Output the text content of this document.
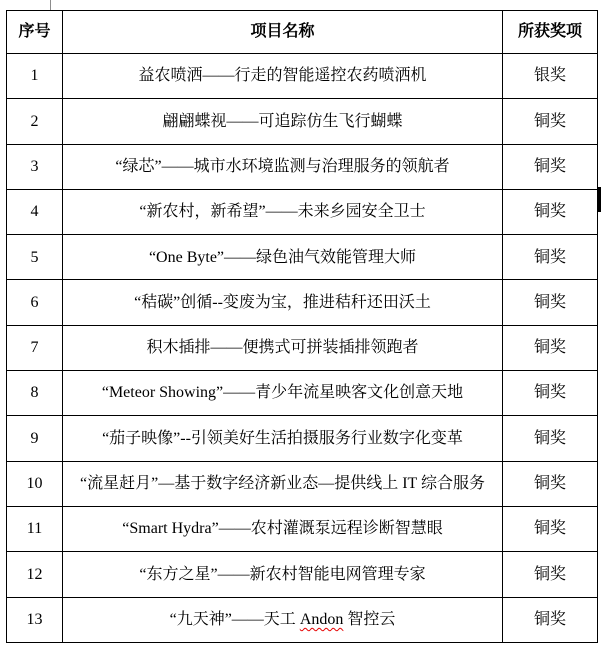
序号	项目名称	所获奖项
1	益农喷洒——行走的智能遥控农药喷洒机	银奖
2	翩翩蝶视——可追踪仿生飞行蝴蝶	铜奖
3	“绿芯”——城市水环境监测与治理服务的领航者	铜奖
4	“新农村，新希望”——未来乡园安全卫士	铜奖
5	“One Byte”——绿色油气效能管理大师	铜奖
6	“秸碳”创循--变废为宝，推进秸秆还田沃土	铜奖
7	积木插排——便携式可拼装插排领跑者	铜奖
8	“Meteor Showing”——青少年流星映客文化创意天地	铜奖
9	“茄子映像”--引领美好生活拍摄服务行业数字化变革	铜奖
10	“流星赶月”—基于数字经济新业态—提供线上 IT 综合服务	铜奖
11	“Smart Hydra”——农村灌溉泵远程诊断智慧眼	铜奖
12	“东方之星”——新农村智能电网管理专家	铜奖
13	“九天神”——天工 Andon 智控云	铜奖
